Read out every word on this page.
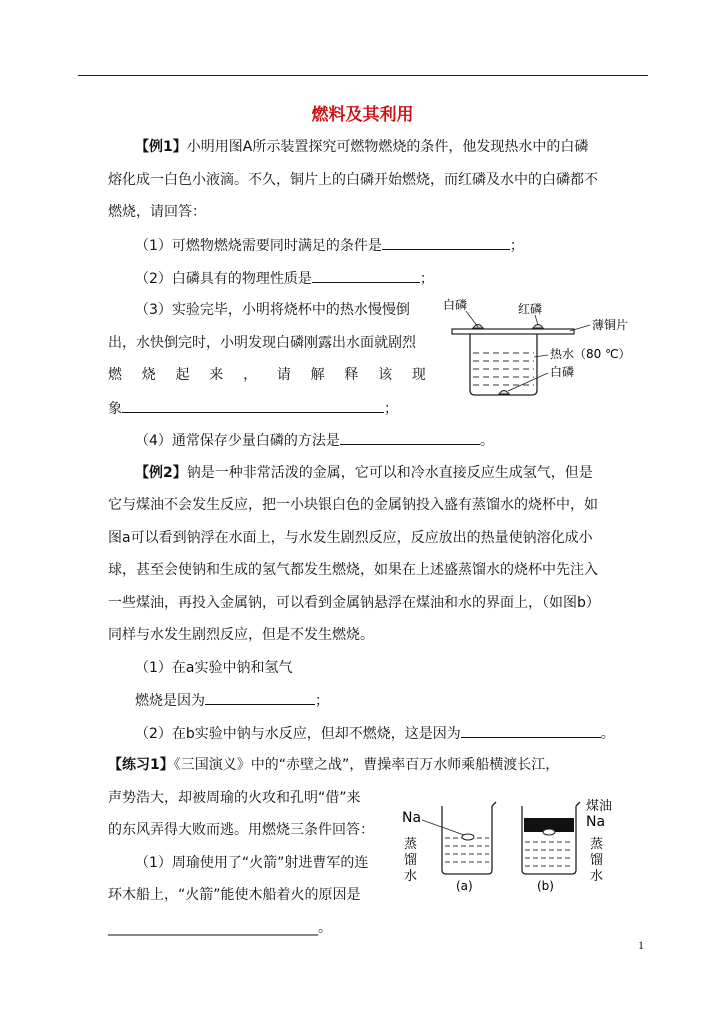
燃料及其利用
【例1】小明用图A所示装置探究可燃物燃烧的条件，他发现热水中的白磷
熔化成一白色小液滴。不久，铜片上的白磷开始燃烧，而红磷及水中的白磷都不
燃烧，请回答：
（1）可燃物燃烧需要同时满足的条件是	；
（2）白磷具有的物理性质是	；
（3）实验完毕，小明将烧杯中的热水慢慢倒
出，水快倒完时，小明发现白磷刚露出水面就剧烈
燃 烧 起 来 ， 请 解 释 该 现
象	；
（4）通常保存少量白磷的方法是	。
白磷	红磷
薄铜片
热水（80 ℃）
白磷
【例2】钠是一种非常活泼的金属，它可以和冷水直接反应生成氢气，但是
它与煤油不会发生反应，把一小块银白色的金属钠投入盛有蒸馏水的烧杯中，如
图a可以看到钠浮在水面上，与水发生剧烈反应，反应放出的热量使钠溶化成小
球，甚至会使钠和生成的氢气都发生燃烧，如果在上述盛蒸馏水的烧杯中先注入
一些煤油，再投入金属钠，可以看到金属钠悬浮在煤油和水的界面上，（如图b）
同样与水发生剧烈反应，但是不发生燃烧。
（1）在a实验中钠和氢气
燃烧是因为	；
（2）在b实验中钠与水反应，但却不燃烧，这是因为	。
【练习1】《三国演义》中的“赤壁之战”，曹操率百万水师乘船横渡长江，
声势浩大，却被周瑜的火攻和孔明“借”来
的东风弄得大败而逃。用燃烧三条件回答：
（1）周瑜使用了“火箭”射进曹军的连
环木船上，“火箭”能使木船着火的原因是
______________________________。
Na
蒸
馏
水
(a)
煤油
Na
蒸
馏
水
(b)
1
